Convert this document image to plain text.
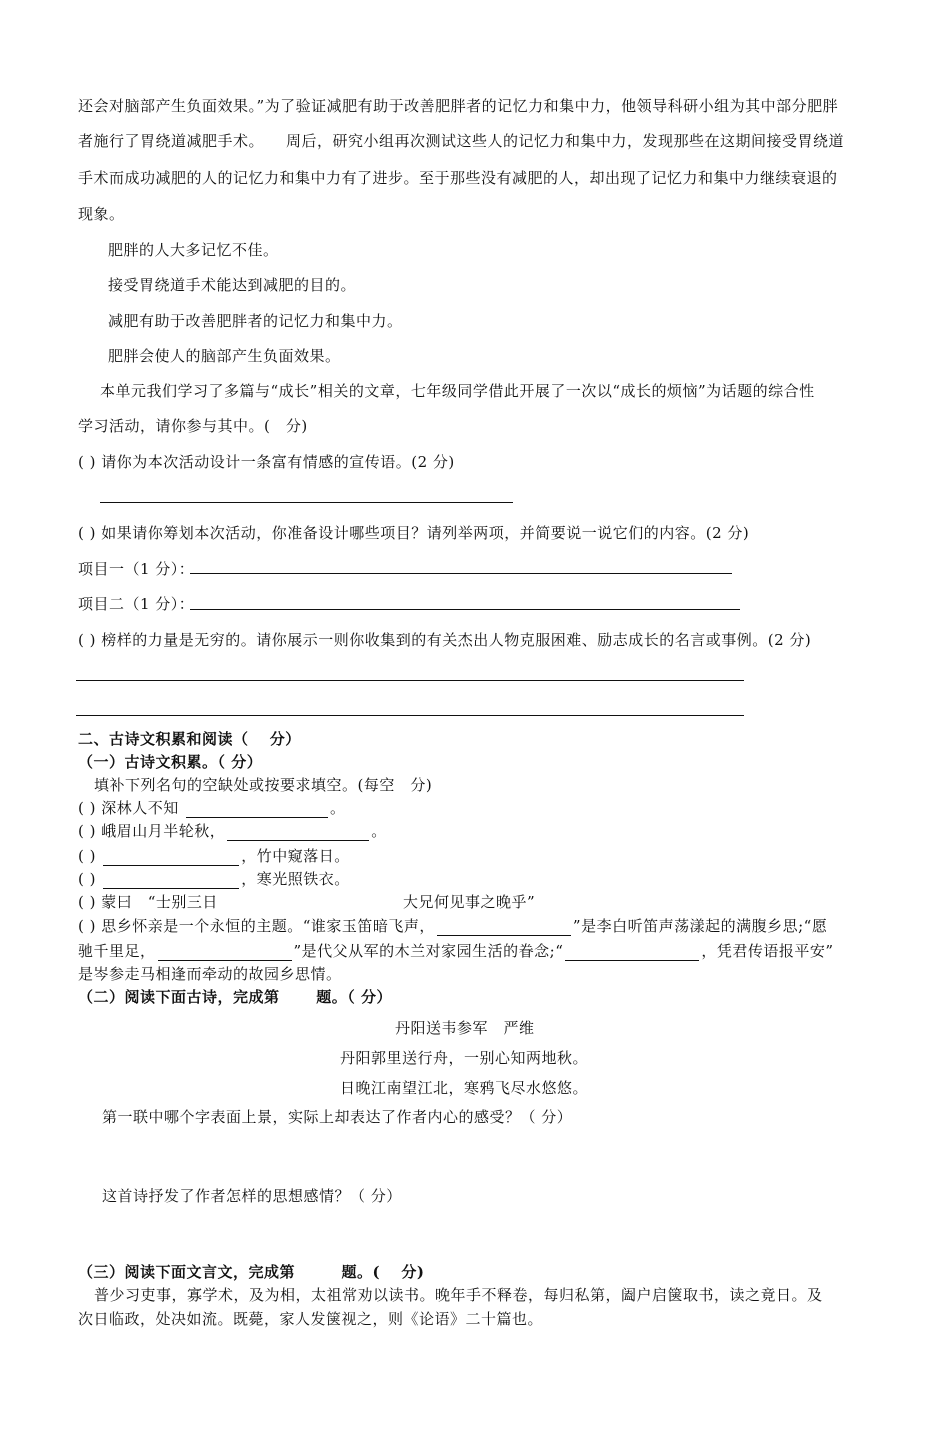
还会对脑部产生负面效果。”为了验证减肥有助于改善肥胖者的记忆力和集中力，他领导科研小组为其中部分肥胖
者施行了胃绕道减肥手术。 周后，研究小组再次测试这些人的记忆力和集中力，发现那些在这期间接受胃绕道
手术而成功减肥的人的记忆力和集中力有了进步。至于那些没有减肥的人，却出现了记忆力和集中力继续衰退的
现象。
肥胖的人大多记忆不佳。
接受胃绕道手术能达到减肥的目的。
减肥有助于改善肥胖者的记忆力和集中力。
肥胖会使人的脑部产生负面效果。
本单元我们学习了多篇与“成长”相关的文章，七年级同学借此开展了一次以“成长的烦恼”为话题的综合性
学习活动，请你参与其中。(　分)
( ) 请你为本次活动设计一条富有情感的宣传语。(2 分)
( ) 如果请你筹划本次活动，你准备设计哪些项目？请列举两项，并简要说一说它们的内容。(2 分)
项目一（1 分）：
项目二（1 分）：
( ) 榜样的力量是无穷的。请你展示一则你收集到的有关杰出人物克服困难、励志成长的名言或事例。(2 分)
二、古诗文积累和阅读（　 分）
（一）古诗文积累。（ 分）
填补下列名句的空缺处或按要求填空。(每空　分)
( ) 深林人不知	。
( ) 峨眉山月半轮秋，	。
( )	，竹中窥落日。
( )	，寒光照铁衣。
( ) 蒙曰　“士别三日	大兄何见事之晚乎”
( ) 思乡怀亲是一个永恒的主题。“谁家玉笛暗飞声，	”是李白听笛声荡漾起的满腹乡思;“愿
驰千里足，	”是代父从军的木兰对家园生活的眷念;“	，凭君传语报平安”
是岑参走马相逢而牵动的故园乡思情。
（二）阅读下面古诗，完成第　　 题。（ 分）
丹阳送韦参军　严维
丹阳郭里送行舟，一别心知两地秋。
日晚江南望江北，寒鸦飞尽水悠悠。
第一联中哪个字表面上景，实际上却表达了作者内心的感受？（ 分）
这首诗抒发了作者怎样的思想感情？（ 分）
（三）阅读下面文言文，完成第　　　题。(　 分)
普少习吏事，寡学术，及为相，太祖常劝以读书。晚年手不释卷，每归私第，阖户启箧取书，读之竟日。及
次日临政，处决如流。既薨，家人发箧视之，则《论语》二十篇也。
